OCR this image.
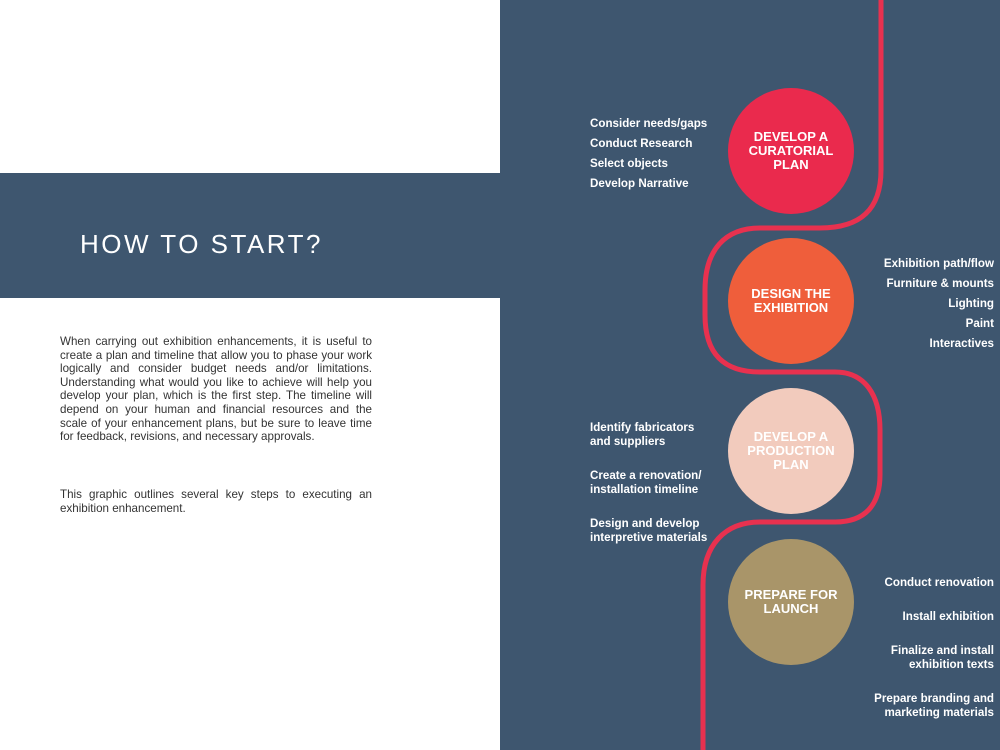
HOW TO START?

When carrying out exhibition enhancements, it is useful to create a plan and timeline that allow you to phase your work logically and consider budget needs and/or limitations. Understanding what would you like to achieve will help you develop your plan, which is the first step. The timeline will depend on your human and financial resources and the scale of your enhancement plans, but be sure to leave time for feedback, revisions, and necessary approvals.

This graphic outlines several key steps to executing an exhibition enhancement.

DEVELOP A
CURATORIAL
PLAN
Consider needs/gaps
Conduct Research
Select objects
Develop Narrative
DESIGN THE
EXHIBITION
Exhibition path/flow
Furniture & mounts
Lighting
Paint
Interactives
DEVELOP A
PRODUCTION
PLAN

Identify fabricators
and suppliers

Create a renovation/
installation timeline

Design and develop
interpretive materials

PREPARE FOR
LAUNCH

Conduct renovation

Install exhibition

Finalize and install
exhibition texts

Prepare branding and
marketing materials
